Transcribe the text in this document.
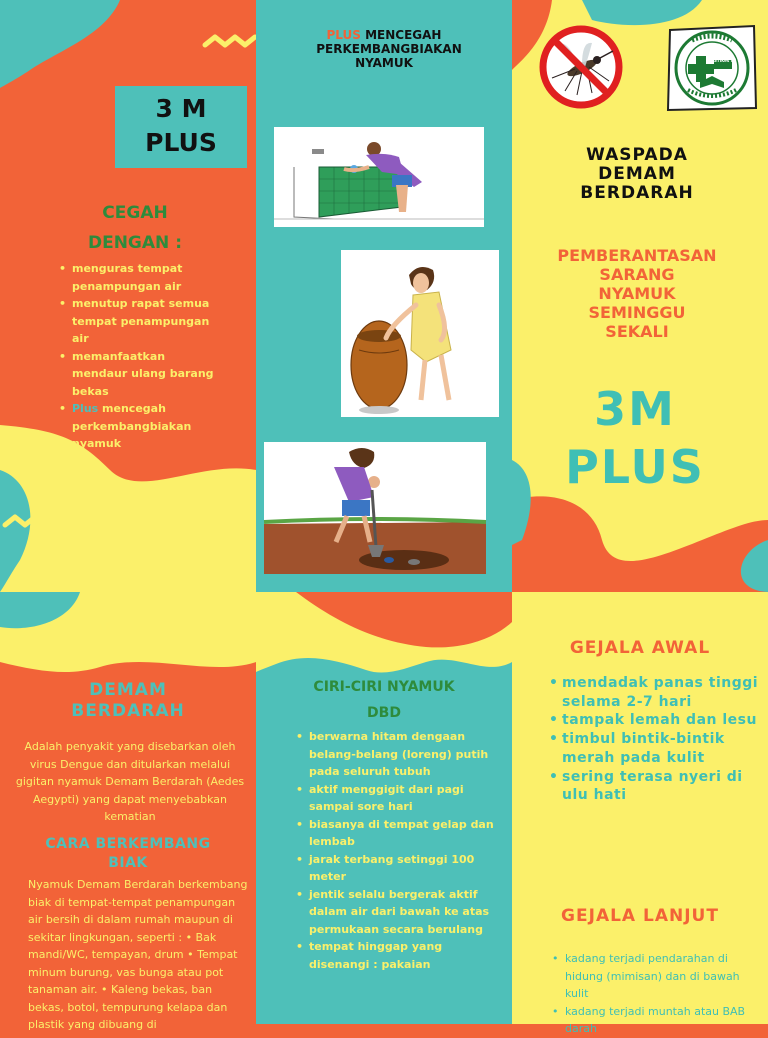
3 M
PLUS
CEGAH
DENGAN :
• menguras tempat penampungan air
• menutup rapat semua tempat penampungan air
• memanfaatkan mendaur ulang barang bekas
• Plus mencegah perkembangbiakan nyamuk
PLUS MENCEGAH
PERKEMBANGBIAKAN
NYAMUK	STIKes MI
WASPADA
DEMAM
BERDARAH
PEMBERANTASAN
SARANG
NYAMUK
SEMINGGU
SEKALI
3M
PLUS
DEMAM
BERDARAH

Adalah penyakit yang disebarkan oleh virus Dengue dan ditularkan melalui gigitan nyamuk Demam Berdarah (Aedes Aegypti) yang dapat menyebabkan kematian

CARA BERKEMBANG
BIAK

Nyamuk Demam Berdarah berkembang biak di tempat-tempat penampungan air bersih di dalam rumah maupun di sekitar lingkungan, seperti : • Bak mandi/WC, tempayan, drum • Tempat minum burung, vas bunga atau pot tanaman air. • Kaleng bekas, ban bekas, botol, tempurung kelapa dan plastik yang dibuang di

CIRI-CIRI NYAMUK
DBD
• berwarna hitam dengaan belang-belang (loreng) putih pada seluruh tubuh
• aktif menggigit dari pagi sampai sore hari
• biasanya di tempat gelap dan lembab
• jarak terbang setinggi 100 meter
• jentik selalu bergerak aktif dalam air dari bawah ke atas permukaan secara berulang
• tempat hinggap yang disenangi : pakaian
GEJALA AWAL
• mendadak panas tinggi selama 2-7 hari
• tampak lemah dan lesu
• timbul bintik-bintik merah pada kulit
• sering terasa nyeri di ulu hati
GEJALA LANJUT
• kadang terjadi pendarahan di hidung (mimisan) dan di bawah kulit
• kadang terjadi muntah atau BAB darah
